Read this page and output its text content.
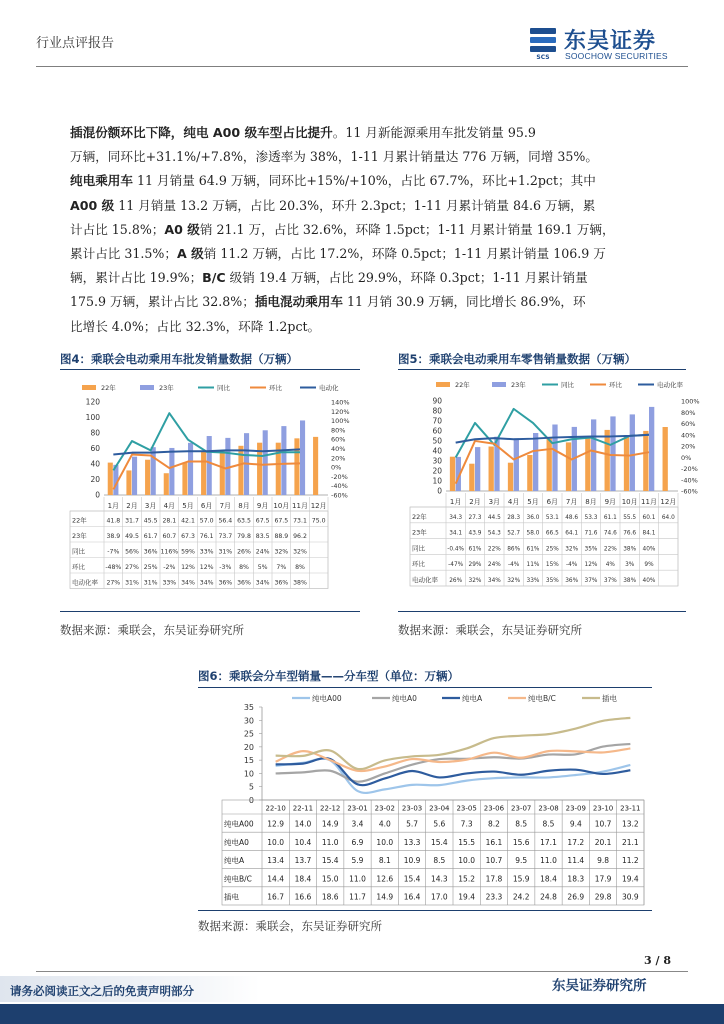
行业点评报告
SCS
东吴证券
SOOCHOW SECURITIES
插混份额环比下降，纯电 A00 级车型占比提升。11 月新能源乘用车批发销量 95.9
万辆，同环比+31.1%/+7.8%，渗透率为 38%，1-11 月累计销量达 776 万辆，同增 35%。
纯电乘用车 11 月销量 64.9 万辆，同环比+15%/+10%，占比 67.7%，环比+1.2pct；其中
A00 级 11 月销量 13.2 万辆，占比 20.3%，环升 2.3pct；1-11 月累计销量 84.6 万辆，累
计占比 15.8%；A0 级销 21.1 万，占比 32.6%，环降 1.5pct；1-11 月累计销量 169.1 万辆，
累计占比 31.5%；A 级销 11.2 万辆，占比 17.2%，环降 0.5pct；1-11 月累计销量 106.9 万
辆，累计占比 19.9%；B/C 级销 19.4 万辆，占比 29.9%，环降 0.3pct；1-11 月累计销量
175.9 万辆，累计占比 32.8%；插电混动乘用车 11 月销 30.9 万辆，同比增长 86.9%，环
比增长 4.0%；占比 32.3%，环降 1.2pct。
图4：乘联会电动乘用车批发销量数据（万辆）
22年	23年	同比	环比	电动化
0
20
40
60
80
100
120
-60%
-40%
-20%
0%
20%
40%
60%
80%
100%
120%
140%
22年	41.8 31.7 45.5 28.1 42.1 57.0 56.4 63.5 67.5 67.5 73.1 75.0
23年	38.9 49.5 61.7 60.7 67.3 76.1 73.7 79.8 83.5 88.9 96.2
同比	-7% 56% 36% 116% 59% 33% 31% 26% 24% 32% 32%
环比	-48% 27% 25% -2% 12% 12% -3% 8% 5% 7% 8%
电动化率 27% 31% 31% 33% 34% 34% 36% 36% 34% 36% 38%
1月 2月 3月 4月 5月 6月 7月 8月 9月 10月 11月 12月
数据来源：乘联会，东吴证券研究所
图5：乘联会电动乘用车零售销量数据（万辆）
22年	23年	同比	环比	电动化率
0
10
20
30
40
50
60
70
80
90
-60%
-40%
-20%
0%
20%
40%
60%
80%
100%
22年	34.3 27.3 44.5 28.3 36.0 53.1 48.6 53.3 61.1 55.5 60.1 64.0
23年	34.1 43.9 54.3 52.7 58.0 66.5 64.1 71.6 74.6 76.6 84.1
同比	-0.4% 61% 22% 86% 61% 25% 32% 35% 22% 38% 40%
环比	-47% 29% 24% -4% 11% 15% -4% 12% 4% 3% 9%
电动化率 26% 32% 34% 32% 33% 35% 36% 37% 37% 38% 40%
1月 2月 3月 4月 5月 6月 7月 8月 9月 10月 11月 12月
数据来源：乘联会，东吴证券研究所
图6：乘联会分车型销量——分车型（单位：万辆）
纯电A00	纯电A0	纯电A	纯电B/C	插电
0
5
10
15
20
25
30
35
22-10 22-11 22-12 23-01 23-02 23-03 23-04 23-05 23-06 23-07 23-08 23-09 23-10 23-11
纯电A00 12.9 14.0 14.9 3.4 4.0 5.7 5.6 7.3 8.2 8.5 8.5 9.4 10.7 13.2
纯电A0 10.0 10.4 11.0 6.9 10.0 13.3 15.4 15.5 16.1 15.6 17.1 17.2 20.1 21.1
纯电A	13.4 13.7 15.4 5.9 8.1 10.9 8.5 10.0 10.7 9.5 11.0 11.4 9.8 11.2
纯电B/C 14.4 18.4 15.0 11.0 12.6 15.4 14.3 15.2 17.8 15.9 18.4 18.3 17.9 19.4
插电	16.7 16.6 18.6 11.7 14.9 16.4 17.0 19.4 23.3 24.2 24.8 26.9 29.8 30.9
数据来源：乘联会，东吴证券研究所
3 / 8
东吴证券研究所
请务必阅读正文之后的免责声明部分
